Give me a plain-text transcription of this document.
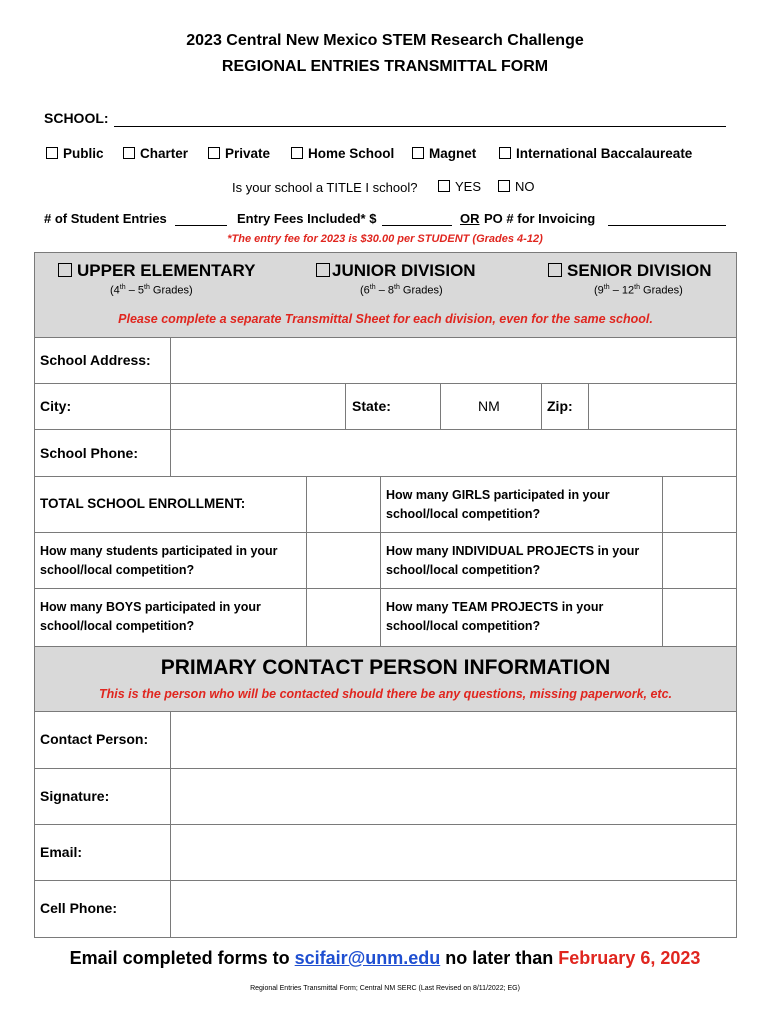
2023 Central New Mexico STEM Research Challenge
REGIONAL ENTRIES TRANSMITTAL FORM
SCHOOL:
Public	Charter	Private	Home School	Magnet	International Baccalaureate
Is your school a TITLE I school?	YES	NO
# of Student Entries	Entry Fees Included* $	OR PO # for Invoicing
*The entry fee for 2023 is $30.00 per STUDENT (Grades 4-12)
UPPER ELEMENTARY
(4th – 5th Grades)
JUNIOR DIVISION
(6th – 8th Grades)
SENIOR DIVISION
(9th – 12th Grades)
Please complete a separate Transmittal Sheet for each division, even for the same school.
School Address:
City:	State:	NM	Zip:
School Phone:
TOTAL SCHOOL ENROLLMENT:
How many GIRLS participated in your school/local competition?
How many students participated in your school/local competition?
How many INDIVIDUAL PROJECTS in your school/local competition?
How many BOYS participated in your school/local competition?
How many TEAM PROJECTS in your school/local competition?
PRIMARY CONTACT PERSON INFORMATION
This is the person who will be contacted should there be any questions, missing paperwork, etc.
Contact Person:
Signature:
Email:
Cell Phone:
Email completed forms to scifair@unm.edu no later than February 6, 2023
Regional Entries Transmittal Form; Central NM SERC (Last Revised on 8/11/2022; EG)
